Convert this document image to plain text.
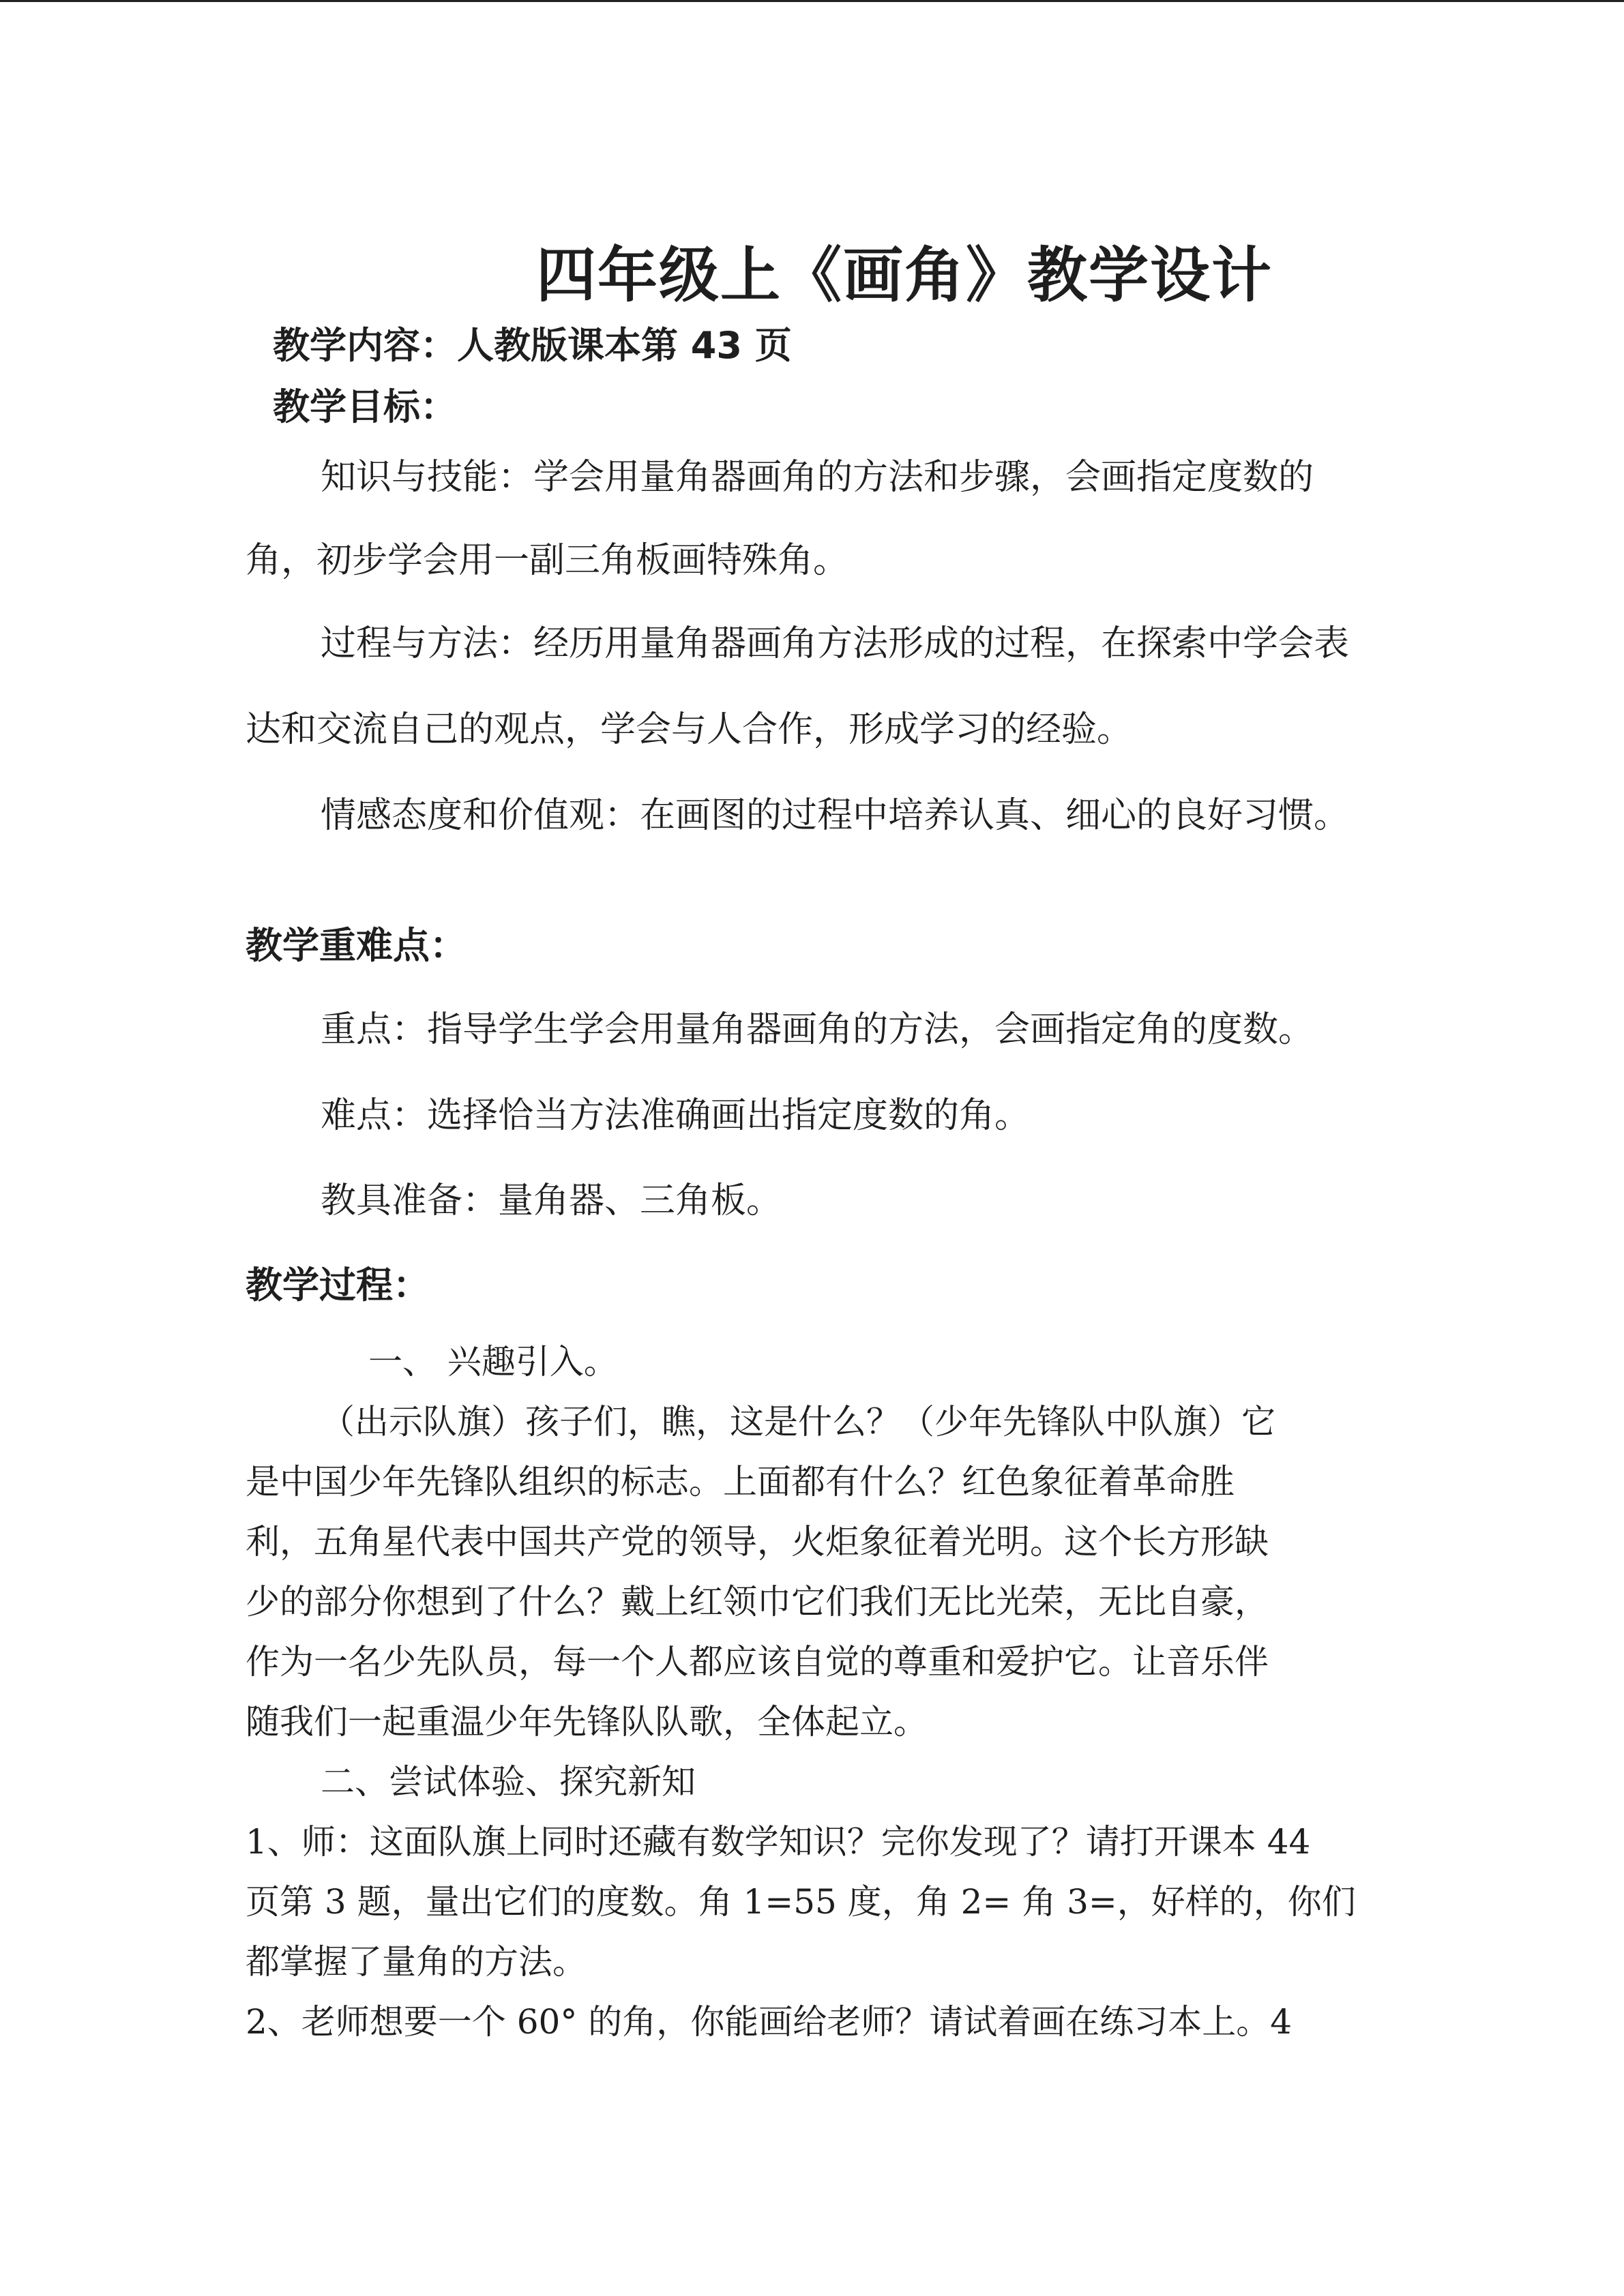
四年级上《画角》教学设计
教学内容：人教版课本第 43 页
教学目标：
知识与技能：学会用量角器画角的方法和步骤，会画指定度数的
角，初步学会用一副三角板画特殊角。
过程与方法：经历用量角器画角方法形成的过程，在探索中学会表
达和交流自己的观点，学会与人合作，形成学习的经验。
情感态度和价值观：在画图的过程中培养认真、细心的良好习惯。
教学重难点：
重点：指导学生学会用量角器画角的方法，会画指定角的度数。
难点：选择恰当方法准确画出指定度数的角。
教具准备：量角器、三角板。
教学过程：
一、 兴趣引入。
（出示队旗）孩子们，瞧，这是什么？（少年先锋队中队旗）它
是中国少年先锋队组织的标志。上面都有什么？红色象征着革命胜
利，五角星代表中国共产党的领导，火炬象征着光明。这个长方形缺
少的部分你想到了什么？戴上红领巾它们我们无比光荣，无比自豪，
作为一名少先队员，每一个人都应该自觉的尊重和爱护它。让音乐伴
随我们一起重温少年先锋队队歌，全体起立。
二、尝试体验、探究新知
1、师：这面队旗上同时还藏有数学知识？完你发现了？请打开课本 44
页第 3 题，量出它们的度数。角 1=55 度，角 2= 角 3=，好样的，你们
都掌握了量角的方法。
2、老师想要一个 60° 的角，你能画给老师？请试着画在练习本上。4
